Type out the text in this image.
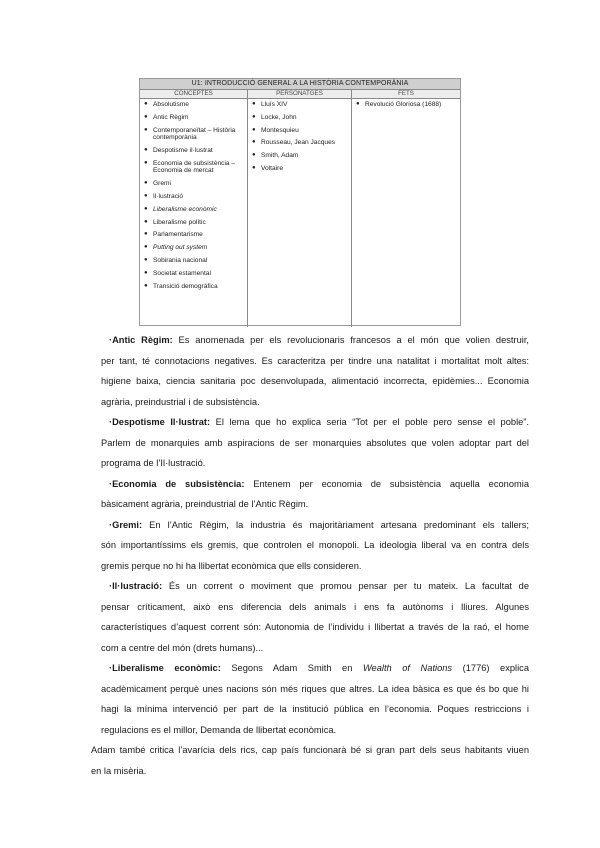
U1: INTRODUCCIÓ GENERAL A LA HISTÒRIA CONTEMPORÀNIA
CONCEPTES	PERSONATGES	FETS
● Absolutisme
● Antic Règim
● Contemporaneïtat – Història contemporània
● Despotisme il·lustrat
● Economia de subsistència – Economia de mercat
● Gremi
● Il·lustració
● Liberalisme econòmic
● Liberalisme polític
● Parlamentarisme
● Putting out system
● Sobirania nacional
● Societat estamental
● Transició demogràfica
● Lluís XIV
● Locke, John
● Montesquieu
● Rousseau, Jean Jacques
● Smith, Adam
● Voltaire
● Revolució Gloriosa (1688)
·Antic Règim: Es anomenada per els revolucionaris francesos a el món que volien destruir,
per tant, té connotacions negatives. Es caracteritza per tindre una natalitat i mortalitat molt altes:
higiene baixa, ciencia sanitaria poc desenvolupada, alimentació incorrecta, epidèmies... Economia
agrària, preindustrial i de subsistència.
·Despotisme Il·lustrat: El lema que ho explica seria “Tot per el poble pero sense el poble”.
Parlem de monarquies amb aspiracions de ser monarquies absolutes que volen adoptar part del
programa de l’Il·lustració.
·Economia de subsistència: Entenem per economia de subsistència aquella economia
bàsicament agrària, preindustrial de l’Antic Règim.
·Gremi: En l’Antic Règim, la industria és majoritàriament artesana predominant els tallers;
són importantíssims els gremis, que controlen el monopoli. La ideologia liberal va en contra dels
gremis perque no hi ha llibertat econòmica que ells consideren.
·Il·lustració: És un corrent o moviment que promou pensar per tu mateix. La facultat de
pensar críticament, això ens diferencia dels animals i ens fa autònoms i lliures. Algunes
característiques d’aquest corrent són: Autonomia de l’individu i llibertat a través de la raó, el home
com a centre del món (drets humans)...
·Liberalisme econòmic: Segons Adam Smith en Wealth of Nations (1776) explica
acadèmicament perquè unes nacions són més riques que altres. La idea bàsica es que és bo que hi
hagi la mínima intervenció per part de la institució pública en l’economia. Poques restriccions i
regulacions es el millor, Demanda de llibertat econòmica.
Adam també critica l’avarícia dels rics, cap país funcionarà bé si gran part dels seus habitants viuen
en la misèria.
